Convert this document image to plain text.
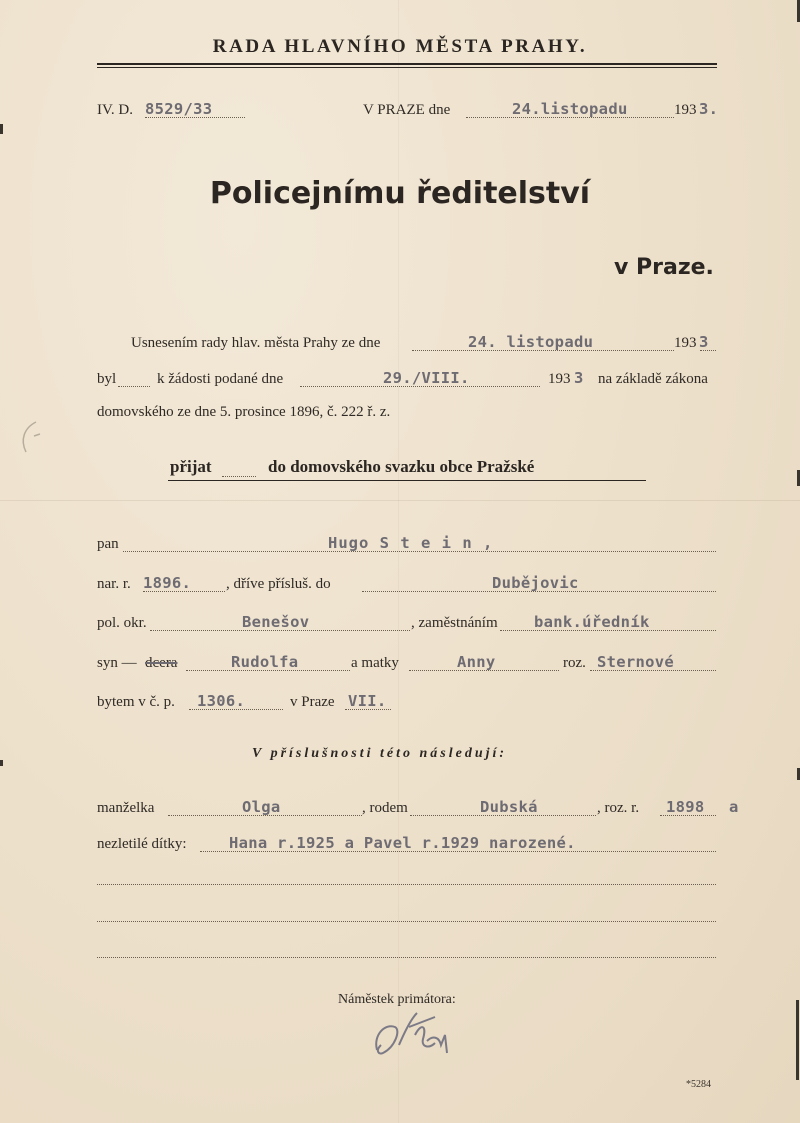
RADA HLAVNÍHO MĚSTA PRAHY.
IV. D. 8529/33	V PRAZE dne	24.listopadu	193 3.
Policejnímu ředitelství
v Praze.
Usnesením rady hlav. města Prahy ze dne	24. listopadu	193 3
byl	k žádosti podané dne	29./VIII.	193 3 na základě zákona
domovského ze dne 5. prosince 1896, č. 222 ř. z.
přijat	do domovského svazku obce Pražské
pan	Hugo S t e i n ,
nar. r. 1896. , dříve přísluš. do	Dubějovic
pol. okr.	Benešov	, zaměstnáním bank.úředník
syn — dcera	Rudolfa	a matky	Anny	roz. Sternové
bytem v č. p. 1306.	v Praze VII.
V příslušnosti této následují:
manželka	Olga	, rodem	Dubská	, roz. r. 1898 a
nezletilé dítky:	Hana r.1925 a Pavel r.1929 narozené.
Náměstek primátora:
*5284
